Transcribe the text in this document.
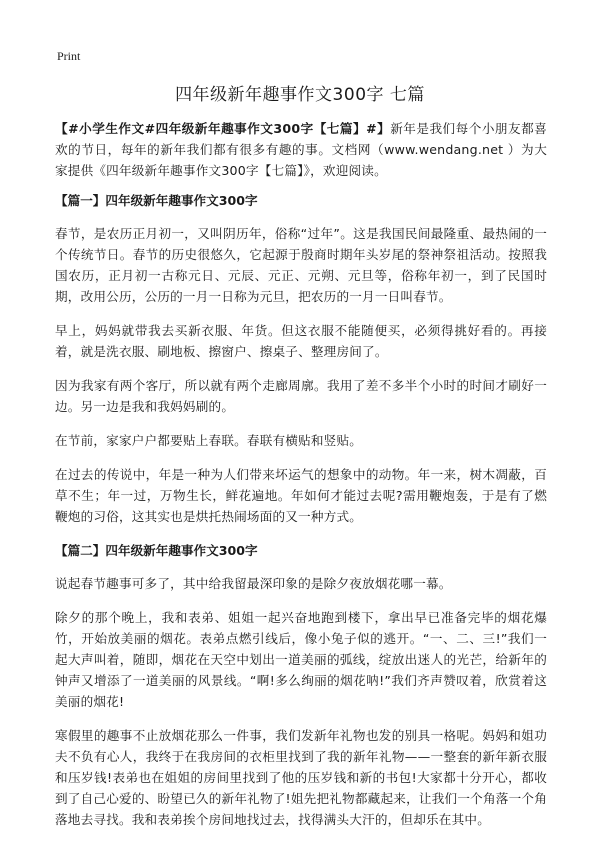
Print
四年级新年趣事作文300字 七篇

【#小学生作文#四年级新年趣事作文300字【七篇】#】新年是我们每个小朋友都喜欢的节日，每年的新年我们都有很多有趣的事。文档网（www.wendang.net ）为大家提供《四年级新年趣事作文300字【七篇】》，欢迎阅读。

【篇一】四年级新年趣事作文300字

春节，是农历正月初一，又叫阴历年，俗称“过年”。这是我国民间最隆重、最热闹的一个传统节日。春节的历史很悠久，它起源于殷商时期年头岁尾的祭神祭祖活动。按照我国农历，正月初一古称元日、元辰、元正、元朔、元旦等，俗称年初一，到了民国时期，改用公历，公历的一月一日称为元旦，把农历的一月一日叫春节。

早上，妈妈就带我去买新衣服、年货。但这衣服不能随便买，必须得挑好看的。再接着，就是洗衣服、刷地板、擦窗户、擦桌子、整理房间了。

因为我家有两个客厅，所以就有两个走廊周廓。我用了差不多半个小时的时间才刷好一边。另一边是我和我妈妈刷的。

在节前，家家户户都要贴上春联。春联有横贴和竖贴。

在过去的传说中，年是一种为人们带来坏运气的想象中的动物。年一来，树木凋蔽，百草不生；年一过，万物生长，鲜花遍地。年如何才能过去呢?需用鞭炮轰，于是有了燃鞭炮的习俗，这其实也是烘托热闹场面的又一种方式。

【篇二】四年级新年趣事作文300字

说起春节趣事可多了，其中给我留最深印象的是除夕夜放烟花哪一幕。

除夕的那个晚上，我和表弟、姐姐一起兴奋地跑到楼下，拿出早已准备完毕的烟花爆竹，开始放美丽的烟花。表弟点燃引线后，像小兔子似的逃开。“一、二、三!”我们一起大声叫着，随即，烟花在天空中划出一道美丽的弧线，绽放出迷人的光芒，给新年的钟声又增添了一道美丽的风景线。“啊!多么绚丽的烟花呐!”我们齐声赞叹着，欣赏着这美丽的烟花!

寒假里的趣事不止放烟花那么一件事，我们发新年礼物也发的别具一格呢。妈妈和姐功夫不负有心人，我终于在我房间的衣柜里找到了我的新年礼物——一整套的新年新衣服和压岁钱!表弟也在姐姐的房间里找到了他的压岁钱和新的书包!大家都十分开心，都收到了自己心爱的、盼望已久的新年礼物了!姐先把礼物都藏起来，让我们一个角落一个角落地去寻找。我和表弟挨个房间地找过去，找得满头大汗的，但却乐在其中。
